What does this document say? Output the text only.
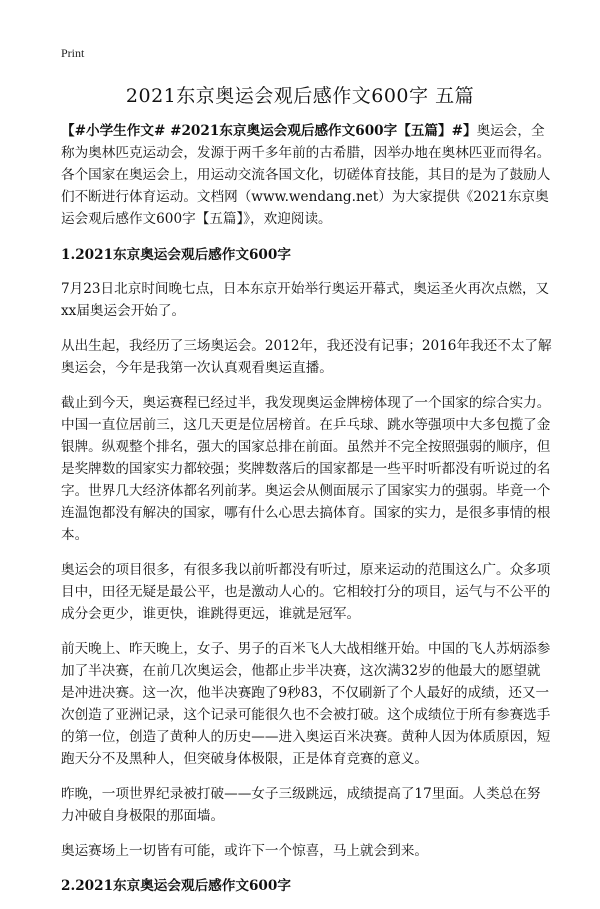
Print
2021东京奥运会观后感作文600字 五篇

【#小学生作文# #2021东京奥运会观后感作文600字【五篇】#】奥运会，全称为奥林匹克运动会，发源于两千多年前的古希腊，因举办地在奥林匹亚而得名。各个国家在奥运会上，用运动交流各国文化，切磋体育技能，其目的是为了鼓励人们不断进行体育运动。文档网（www.wendang.net）为大家提供《2021东京奥运会观后感作文600字【五篇】》，欢迎阅读。

1.2021东京奥运会观后感作文600字

7月23日北京时间晚七点，日本东京开始举行奥运开幕式，奥运圣火再次点燃，又xx届奥运会开始了。

从出生起，我经历了三场奥运会。2012年，我还没有记事；2016年我还不太了解奥运会，今年是我第一次认真观看奥运直播。

截止到今天，奥运赛程已经过半，我发现奥运金牌榜体现了一个国家的综合实力。中国一直位居前三，这几天更是位居榜首。在乒乓球、跳水等强项中大多包揽了金银牌。纵观整个排名，强大的国家总排在前面。虽然并不完全按照强弱的顺序，但是奖牌数的国家实力都较强；奖牌数落后的国家都是一些平时听都没有听说过的名字。世界几大经济体都名列前茅。奥运会从侧面展示了国家实力的强弱。毕竟一个连温饱都没有解决的国家，哪有什么心思去搞体育。国家的实力，是很多事情的根本。

奥运会的项目很多，有很多我以前听都没有听过，原来运动的范围这么广。众多项目中，田径无疑是最公平，也是激动人心的。它相较打分的项目，运气与不公平的成分会更少，谁更快，谁跳得更远，谁就是冠军。

前天晚上、昨天晚上，女子、男子的百米飞人大战相继开始。中国的飞人苏炳添参加了半决赛，在前几次奥运会，他都止步半决赛，这次满32岁的他最大的愿望就是冲进决赛。这一次，他半决赛跑了9秒83，不仅刷新了个人最好的成绩，还又一次创造了亚洲记录，这个记录可能很久也不会被打破。这个成绩位于所有参赛选手的第一位，创造了黄种人的历史——进入奥运百米决赛。黄种人因为体质原因，短跑天分不及黑种人，但突破身体极限，正是体育竞赛的意义。

昨晚，一项世界纪录被打破——女子三级跳远，成绩提高了17里面。人类总在努力冲破自身极限的那面墙。

奥运赛场上一切皆有可能，或许下一个惊喜，马上就会到来。

2.2021东京奥运会观后感作文600字
